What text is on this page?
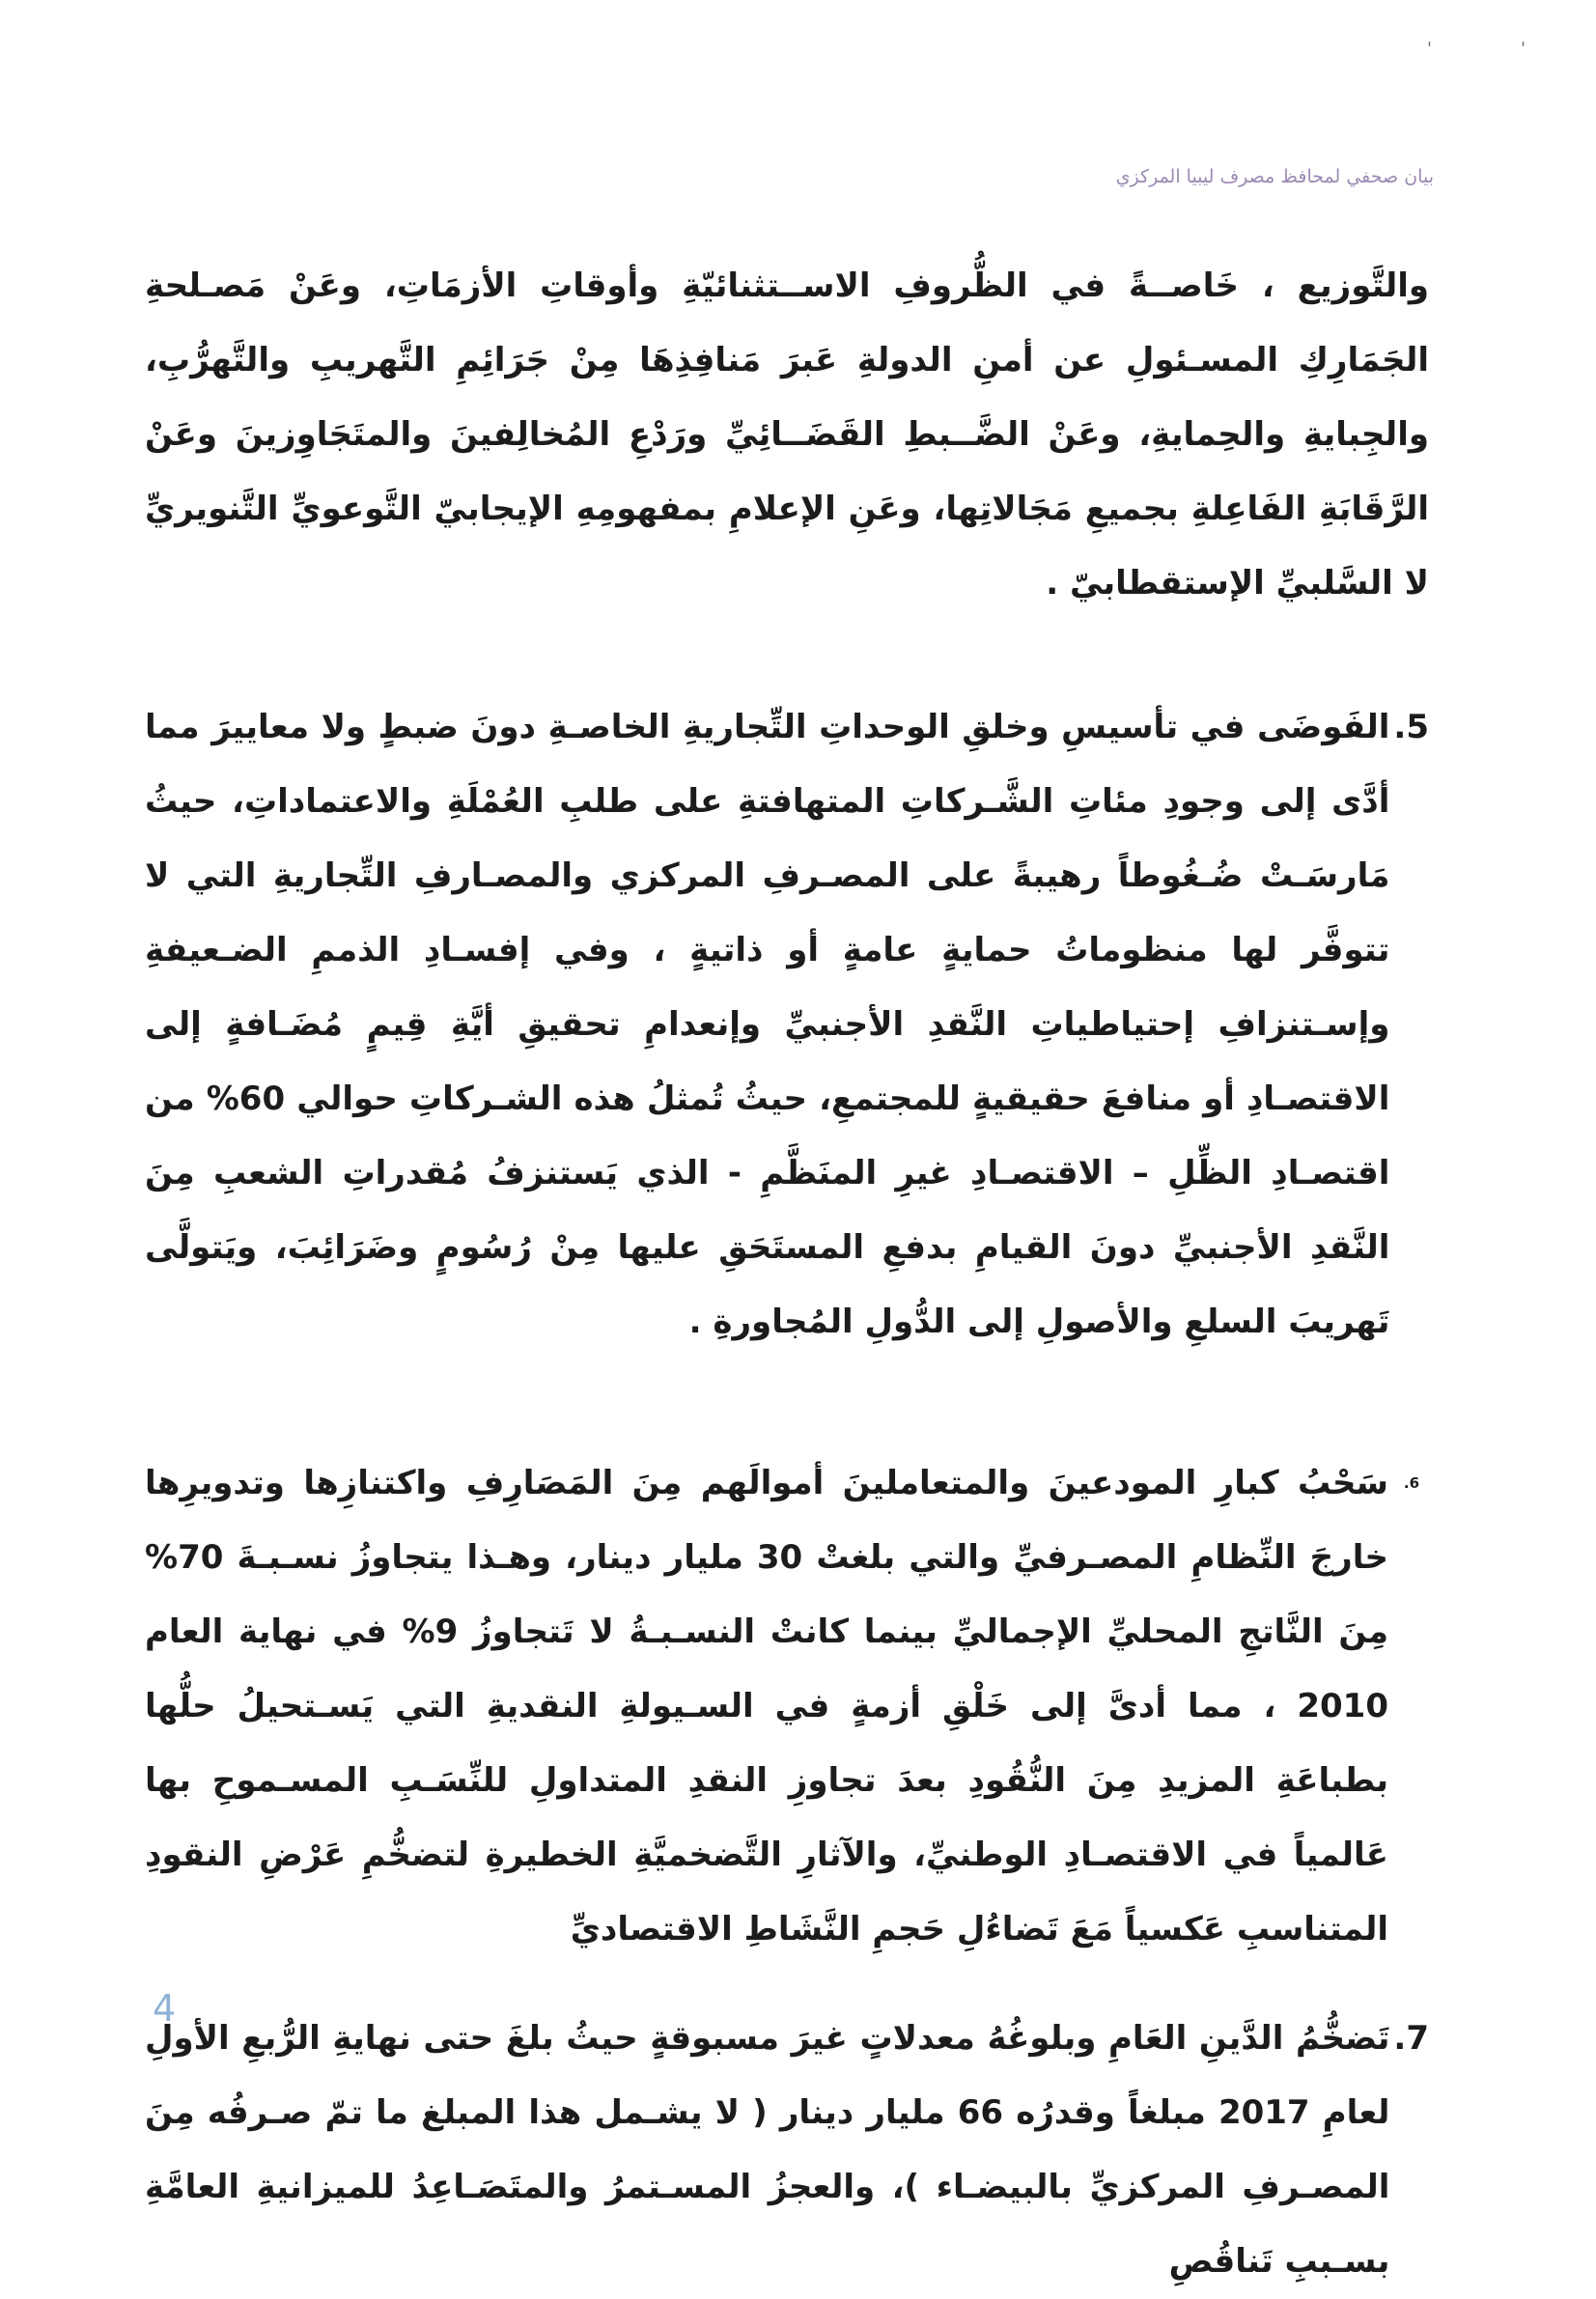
'	'
بيان صحفي لمحافظ مصرف ليبيا المركزي

والتَّوزيع ، خَاصــةً في الظُّروفِ الاســتثنائيّةِ وأوقاتِ الأزمَاتِ، وعَنْ مَصـلحةِ الجَمَارِكِ المسـئولِ عن أمنِ الدولةِ عَبرَ مَنافِذِهَا مِنْ جَرَائِمِ التَّهريبِ والتَّهرُّبِ، والجِبايةِ والحِمايةِ، وعَنْ الضَّــبطِ القَضَــائِيِّ ورَدْعِ المُخالِفينَ والمتَجَاوِزينَ وعَنْ الرَّقَابَةِ الفَاعِلةِ بجميعِ مَجَالاتِها، وعَنِ الإعلامِ بمفهومِهِ الإيجابيّ التَّوعويِّ التَّنويريِّ لا السَّلبيِّ الإستقطابيّ .

5.

الفَوضَى في تأسيسِ وخلقِ الوحداتِ التِّجاريةِ الخاصـةِ دونَ ضبطٍ ولا معاييرَ مما أدَّى إلى وجودِ مئاتِ الشَّـركاتِ المتهافتةِ على طلبِ العُمْلَةِ والاعتماداتِ، حيثُ مَارسَـتْ ضُـغُوطاً رهيبةً على المصـرفِ المركزي والمصـارفِ التِّجاريةِ التي لا تتوفَّر لها منظوماتُ حمايةٍ عامةٍ أو ذاتيةٍ ، وفي إفسـادِ الذممِ الضـعيفةِ وإسـتنزافِ إحتياطياتِ النَّقدِ الأجنبيِّ وإنعدامِ تحقيقِ أيَّةِ قِيمٍ مُضَـافةٍ إلى الاقتصـادِ أو منافعَ حقيقيةٍ للمجتمعِ، حيثُ تُمثلُ هذه الشـركاتِ حوالي 60% من اقتصـادِ الظِّلِ – الاقتصـادِ غيرِ المنَظَّمِ - الذي يَستنزفُ مُقدراتِ الشعبِ مِنَ النَّقدِ الأجنبيِّ دونَ القيامِ بدفعِ المستَحَقِ عليها مِنْ رُسُومٍ وضَرَائِبَ، ويَتولَّى تَهريبَ السلعِ والأصولِ إلى الدُّولِ المُجاورةِ .

6.

سَحْبُ كبارِ المودعينَ والمتعاملينَ أموالَهم مِنَ المَصَارِفِ واكتنازِها وتدويرِها خارجَ النِّظامِ المصـرفيِّ والتي بلغتْ 30 مليار دينار، وهـذا يتجاوزُ نسـبـةَ 70% مِنَ النَّاتجِ المحليِّ الإجماليِّ بينما كانتْ النسـبـةُ لا تَتجاوزُ 9% في نهاية العام 2010 ، مما أدىَّ إلى خَلْقِ أزمةٍ في السـيولةِ النقديةِ التي يَسـتحيلُ حلُّها بطباعَةِ المزيدِ مِنَ النُّقُودِ بعدَ تجاوزِ النقدِ المتداولِ للنِّسَـبِ المسـموحِ بها عَالمياً في الاقتصـادِ الوطنيِّ، والآثارِ التَّضخميَّةِ الخطيرةِ لتضخُّمِ عَرْضِ النقودِ المتناسبِ عَكسياً مَعَ تَضاءُلِ حَجمِ النَّشَاطِ الاقتصاديِّ

7.

تَضخُّمُ الدَّينِ العَامِ وبلوغُهُ معدلاتٍ غيرَ مسبوقةٍ حيثُ بلغَ حتى نهايةِ الرُّبعِ الأولِ لعامِ 2017 مبلغاً وقدرُه 66 مليار دينار ( لا يشـمل هذا المبلغ ما تمّ صـرفُه مِنَ المصـرفِ المركزيِّ بالبيضـاء )، والعجزُ المسـتمرُ والمتَصَـاعِدُ للميزانيةِ العامَّةِ بسـببِ تَناقُصِ

4
